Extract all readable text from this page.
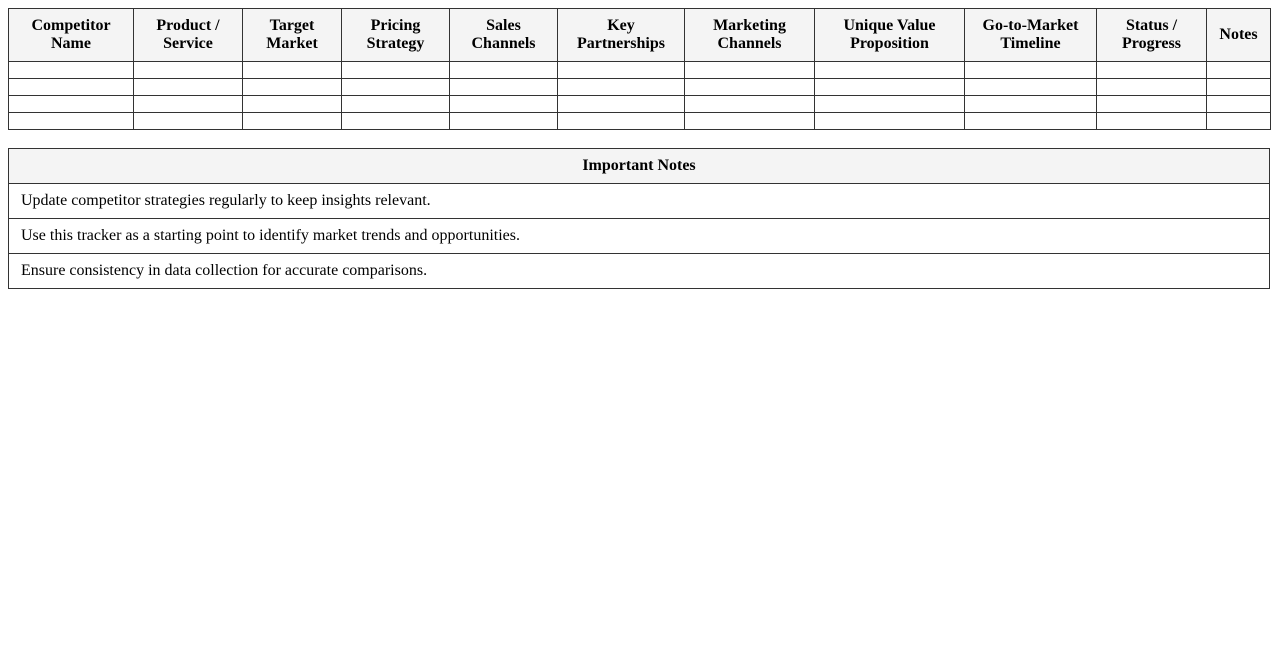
Competitor Name	Product / Service	Target Market	Pricing Strategy	Sales Channels	Key Partnerships	Marketing Channels	Unique Value Proposition	Go-to-Market Timeline	Status / Progress	Notes

Important Notes
Update competitor strategies regularly to keep insights relevant.
Use this tracker as a starting point to identify market trends and opportunities.
Ensure consistency in data collection for accurate comparisons.
